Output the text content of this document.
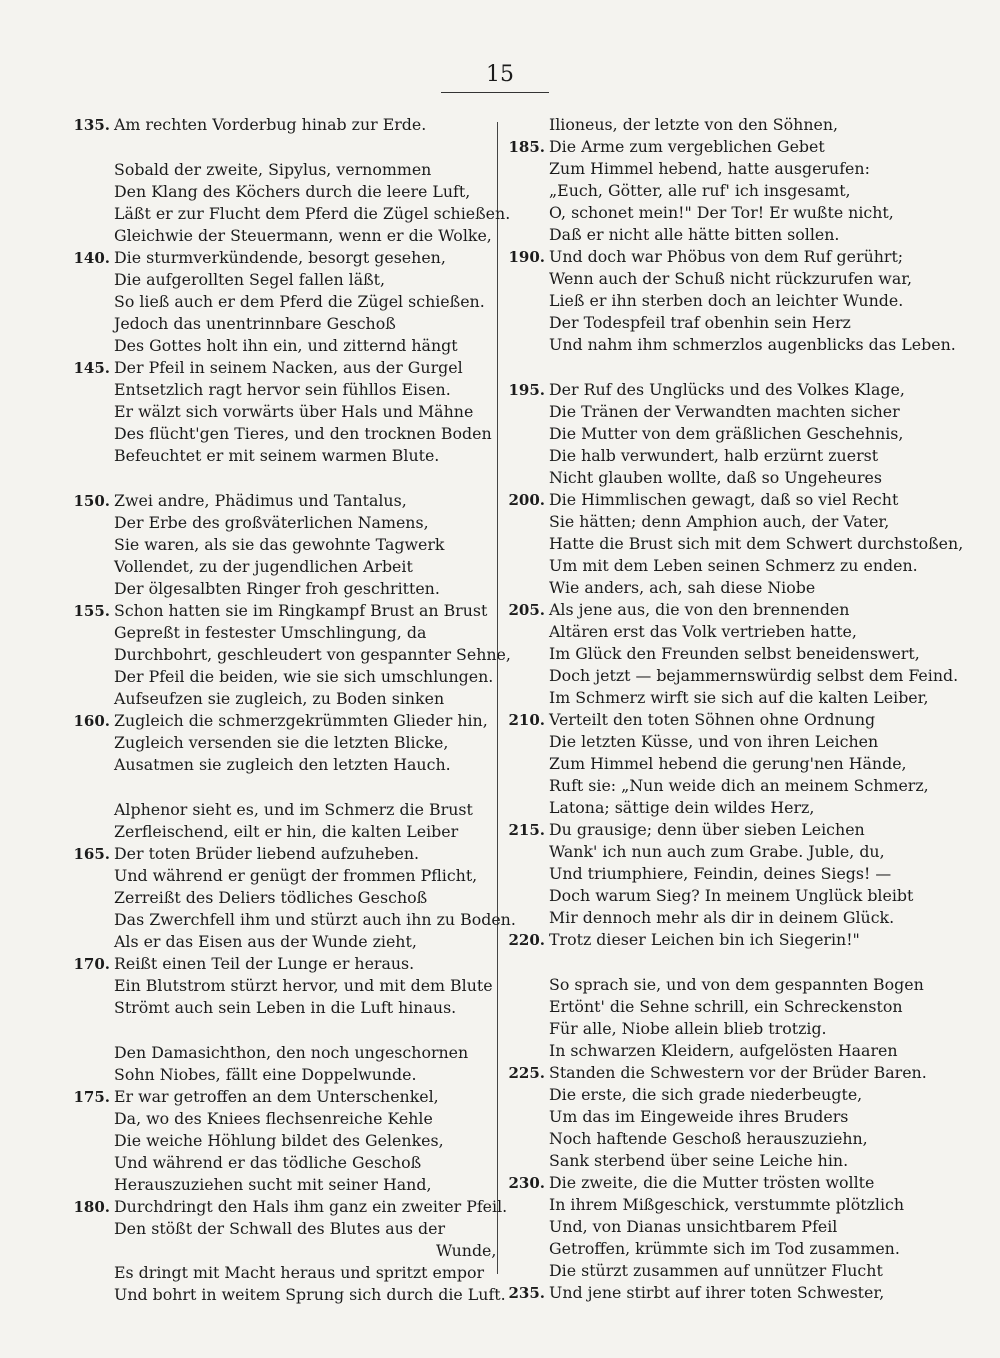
15
135. Am rechten Vorderbug hinab zur Erde.
Sobald der zweite, Sipylus, vernommen
Den Klang des Köchers durch die leere Luft,
Läßt er zur Flucht dem Pferd die Zügel schießen.
Gleichwie der Steuermann, wenn er die Wolke,
140. Die sturmverkündende, besorgt gesehen,
Die aufgerollten Segel fallen läßt,
So ließ auch er dem Pferd die Zügel schießen.
Jedoch das unentrinnbare Geschoß
Des Gottes holt ihn ein, und zitternd hängt
145. Der Pfeil in seinem Nacken, aus der Gurgel
Entsetzlich ragt hervor sein fühllos Eisen.
Er wälzt sich vorwärts über Hals und Mähne
Des flücht'gen Tieres, und den trocknen Boden
Befeuchtet er mit seinem warmen Blute.
150. Zwei andre, Phädimus und Tantalus,
Der Erbe des großväterlichen Namens,
Sie waren, als sie das gewohnte Tagwerk
Vollendet, zu der jugendlichen Arbeit
Der ölgesalbten Ringer froh geschritten.
155. Schon hatten sie im Ringkampf Brust an Brust
Gepreßt in festester Umschlingung, da
Durchbohrt, geschleudert von gespannter Sehne,
Der Pfeil die beiden, wie sie sich umschlungen.
Aufseufzen sie zugleich, zu Boden sinken
160. Zugleich die schmerzgekrümmten Glieder hin,
Zugleich versenden sie die letzten Blicke,
Ausatmen sie zugleich den letzten Hauch.
Alphenor sieht es, und im Schmerz die Brust
Zerfleischend, eilt er hin, die kalten Leiber
165. Der toten Brüder liebend aufzuheben.
Und während er genügt der frommen Pflicht,
Zerreißt des Deliers tödliches Geschoß
Das Zwerchfell ihm und stürzt auch ihn zu Boden.
Als er das Eisen aus der Wunde zieht,
170. Reißt einen Teil der Lunge er heraus.
Ein Blutstrom stürzt hervor, und mit dem Blute
Strömt auch sein Leben in die Luft hinaus.
Den Damasichthon, den noch ungeschornen
Sohn Niobes, fällt eine Doppelwunde.
175. Er war getroffen an dem Unterschenkel,
Da, wo des Kniees flechsenreiche Kehle
Die weiche Höhlung bildet des Gelenkes,
Und während er das tödliche Geschoß
Herauszuziehen sucht mit seiner Hand,
180. Durchdringt den Hals ihm ganz ein zweiter Pfeil.
Den stößt der Schwall des Blutes aus der
Wunde,
Es dringt mit Macht heraus und spritzt empor
Und bohrt in weitem Sprung sich durch die Luft.
Ilioneus, der letzte von den Söhnen,
185. Die Arme zum vergeblichen Gebet
Zum Himmel hebend, hatte ausgerufen:
„Euch, Götter, alle ruf' ich insgesamt,
O, schonet mein!" Der Tor! Er wußte nicht,
Daß er nicht alle hätte bitten sollen.
190. Und doch war Phöbus von dem Ruf gerührt;
Wenn auch der Schuß nicht rückzurufen war,
Ließ er ihn sterben doch an leichter Wunde.
Der Todespfeil traf obenhin sein Herz
Und nahm ihm schmerzlos augenblicks das Leben.
195. Der Ruf des Unglücks und des Volkes Klage,
Die Tränen der Verwandten machten sicher
Die Mutter von dem gräßlichen Geschehnis,
Die halb verwundert, halb erzürnt zuerst
Nicht glauben wollte, daß so Ungeheures
200. Die Himmlischen gewagt, daß so viel Recht
Sie hätten; denn Amphion auch, der Vater,
Hatte die Brust sich mit dem Schwert durchstoßen,
Um mit dem Leben seinen Schmerz zu enden.
Wie anders, ach, sah diese Niobe
205. Als jene aus, die von den brennenden
Altären erst das Volk vertrieben hatte,
Im Glück den Freunden selbst beneidenswert,
Doch jetzt — bejammernswürdig selbst dem Feind.
Im Schmerz wirft sie sich auf die kalten Leiber,
210. Verteilt den toten Söhnen ohne Ordnung
Die letzten Küsse, und von ihren Leichen
Zum Himmel hebend die gerung'nen Hände,
Ruft sie: „Nun weide dich an meinem Schmerz,
Latona; sättige dein wildes Herz,
215. Du grausige; denn über sieben Leichen
Wank' ich nun auch zum Grabe. Juble, du,
Und triumphiere, Feindin, deines Siegs! —
Doch warum Sieg? In meinem Unglück bleibt
Mir dennoch mehr als dir in deinem Glück.
220. Trotz dieser Leichen bin ich Siegerin!"
So sprach sie, und von dem gespannten Bogen
Ertönt' die Sehne schrill, ein Schreckenston
Für alle, Niobe allein blieb trotzig.
In schwarzen Kleidern, aufgelösten Haaren
225. Standen die Schwestern vor der Brüder Baren.
Die erste, die sich grade niederbeugte,
Um das im Eingeweide ihres Bruders
Noch haftende Geschoß herauszuziehn,
Sank sterbend über seine Leiche hin.
230. Die zweite, die die Mutter trösten wollte
In ihrem Mißgeschick, verstummte plötzlich
Und, von Dianas unsichtbarem Pfeil
Getroffen, krümmte sich im Tod zusammen.
Die stürzt zusammen auf unnützer Flucht
235. Und jene stirbt auf ihrer toten Schwester,
